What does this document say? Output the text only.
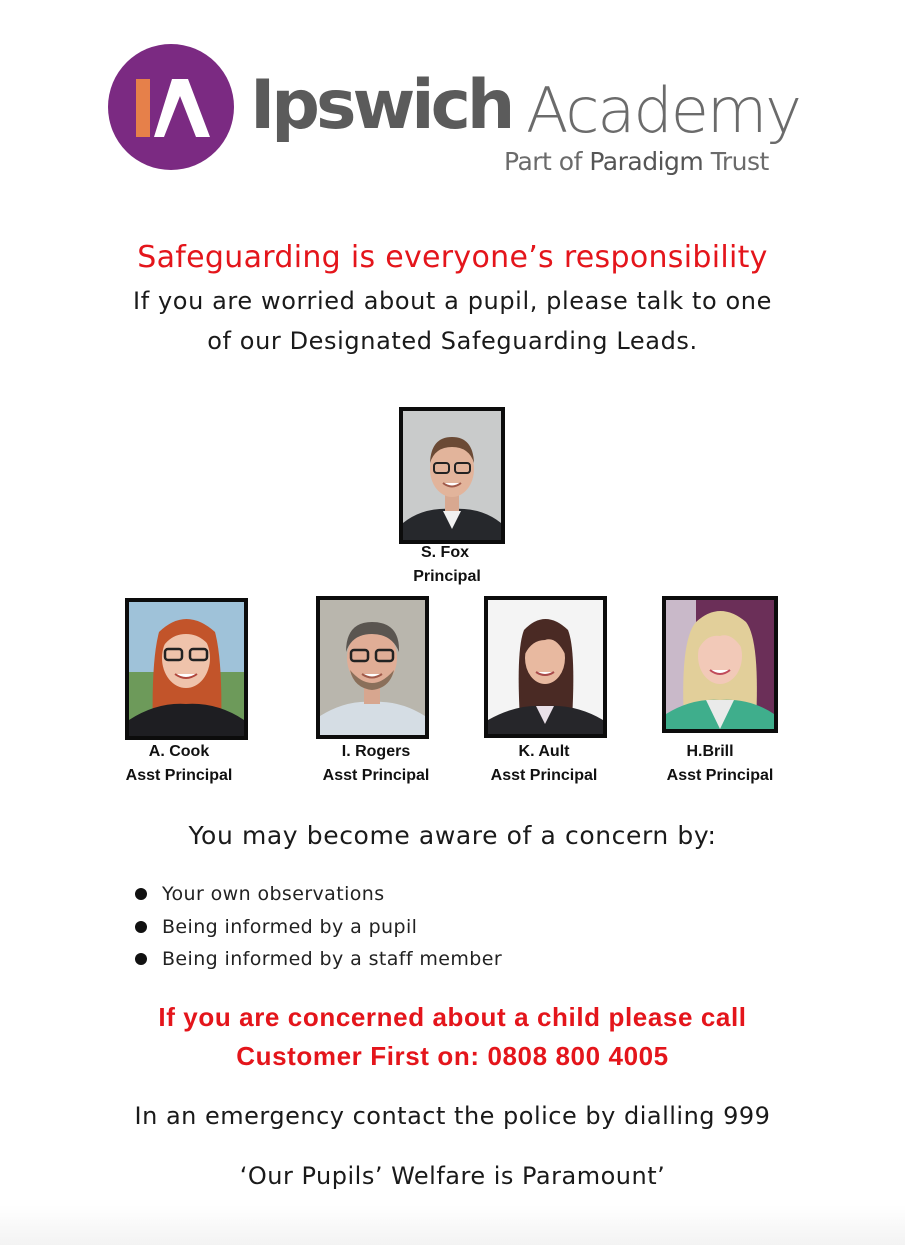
Ipswich Academy
Part of Paradigm Trust
Safeguarding is everyone’s responsibility
If you are worried about a pupil, please talk to one
of our Designated Safeguarding Leads.
S. Fox
Principal
A. Cook
Asst Principal
I. Rogers
Asst Principal
K. Ault
Asst Principal
H.Brill
Asst Principal
You may become aware of a concern by:
Your own observations
Being informed by a pupil
Being informed by a staff member
If you are concerned about a child please call
Customer First on: 0808 800 4005
In an emergency contact the police by dialling 999
‘Our Pupils’ Welfare is Paramount’
